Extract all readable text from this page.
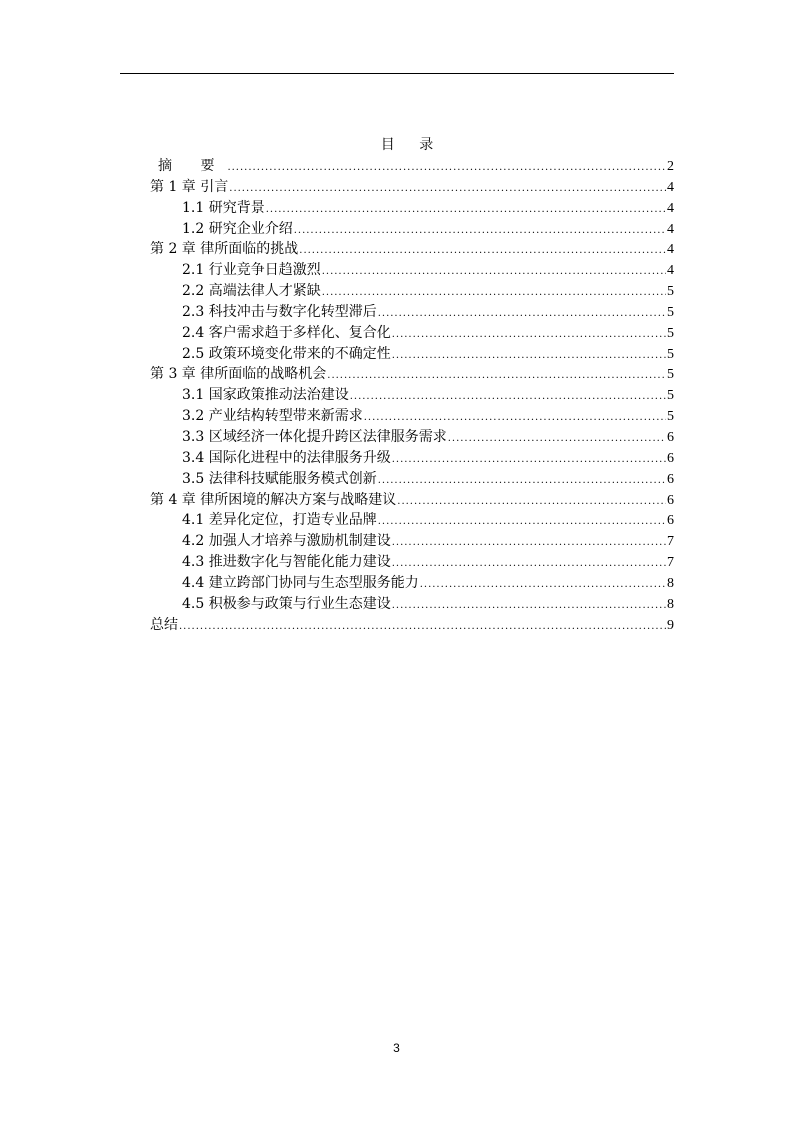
目 录
摘 要 .....	2
第 1 章 引言 .....	4
1.1 研究背景 .....	4
1.2 研究企业介绍 .....	4
第 2 章 律所面临的挑战 .....	4
2.1 行业竞争日趋激烈 .....	4
2.2 高端法律人才紧缺 .....	5
2.3 科技冲击与数字化转型滞后 .....	5
2.4 客户需求趋于多样化、复合化 .....	5
2.5 政策环境变化带来的不确定性 .....	5
第 3 章 律所面临的战略机会 .....	5
3.1 国家政策推动法治建设 .....	5
3.2 产业结构转型带来新需求 .....	5
3.3 区域经济一体化提升跨区法律服务需求 .....	6
3.4 国际化进程中的法律服务升级 .....	6
3.5 法律科技赋能服务模式创新 .....	6
第 4 章 律所困境的解决方案与战略建议 .....	6
4.1 差异化定位，打造专业品牌 .....	6
4.2 加强人才培养与激励机制建设 .....	7
4.3 推进数字化与智能化能力建设 .....	7
4.4 建立跨部门协同与生态型服务能力 .....	8
4.5 积极参与政策与行业生态建设 .....	8
总结 .....	9
3
